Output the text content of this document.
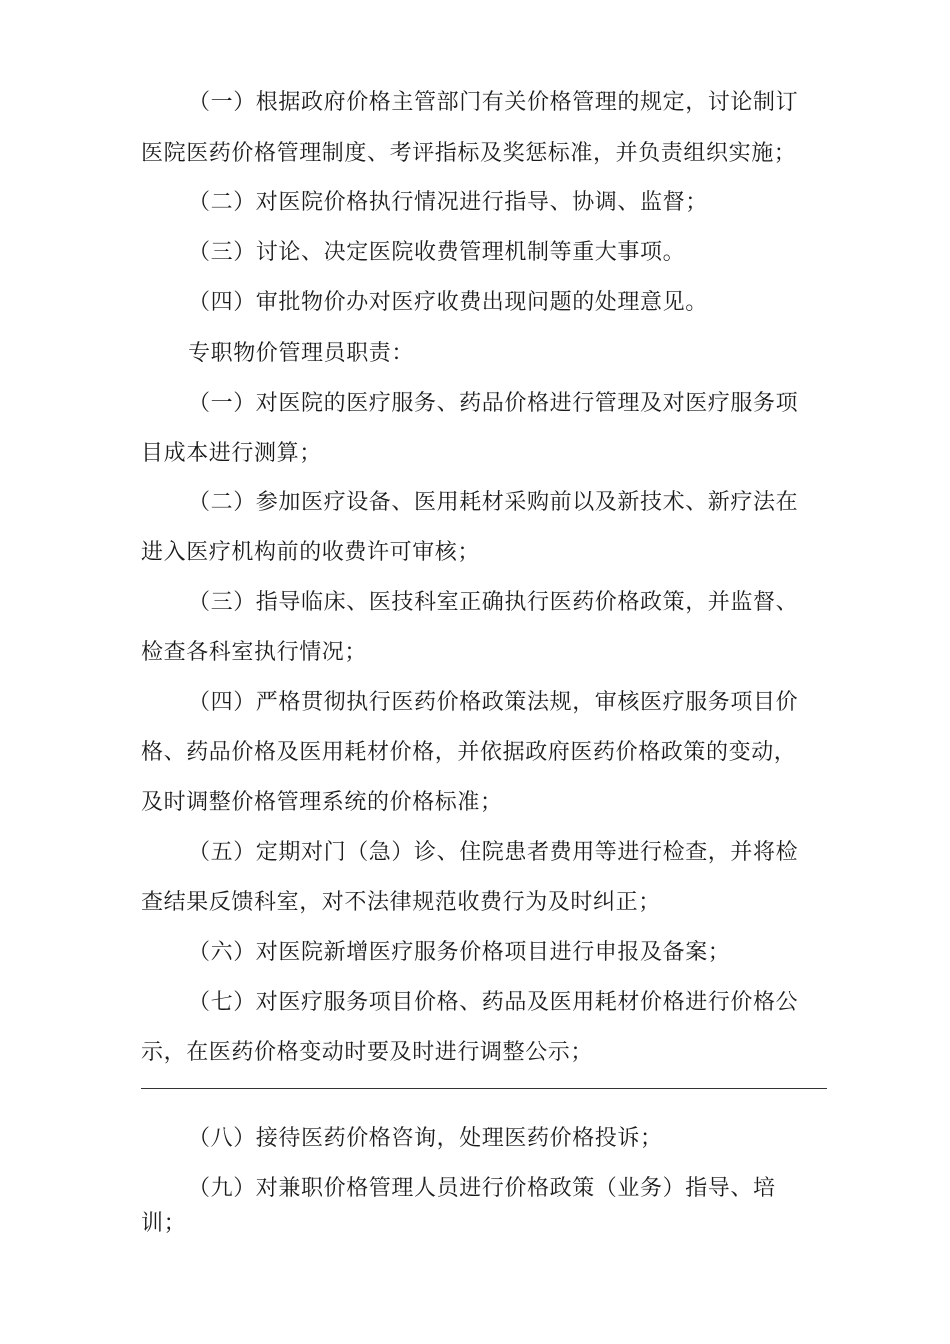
（一）根据政府价格主管部门有关价格管理的规定，讨论制订
医院医药价格管理制度、考评指标及奖惩标准，并负责组织实施；
（二）对医院价格执行情况进行指导、协调、监督；
（三）讨论、决定医院收费管理机制等重大事项。
（四）审批物价办对医疗收费出现问题的处理意见。
专职物价管理员职责：
（一）对医院的医疗服务、药品价格进行管理及对医疗服务项
目成本进行测算；
（二）参加医疗设备、医用耗材采购前以及新技术、新疗法在
进入医疗机构前的收费许可审核；
（三）指导临床、医技科室正确执行医药价格政策，并监督、
检查各科室执行情况；
（四）严格贯彻执行医药价格政策法规，审核医疗服务项目价
格、药品价格及医用耗材价格，并依据政府医药价格政策的变动，
及时调整价格管理系统的价格标准；
（五）定期对门（急）诊、住院患者费用等进行检查，并将检
查结果反馈科室，对不法律规范收费行为及时纠正；
（六）对医院新增医疗服务价格项目进行申报及备案；
（七）对医疗服务项目价格、药品及医用耗材价格进行价格公
示，在医药价格变动时要及时进行调整公示；
（八）接待医药价格咨询，处理医药价格投诉；
（九）对兼职价格管理人员进行价格政策（业务）指导、培
训；
